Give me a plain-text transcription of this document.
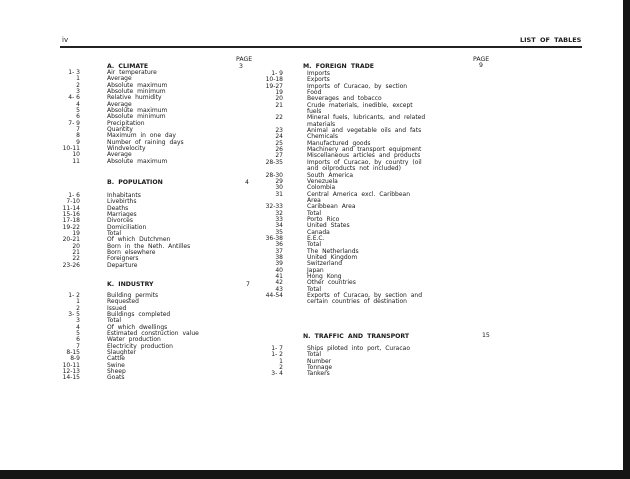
iv	LIST OF TABLES
PAGE	PAGE
A. CLIMATE	3
1- 3	Air temperature
1	Average
2	Absolute maximum
3	Absolute minimum
4- 6	Relative humidity
4	Average
5	Absolute maximum
6	Absolute minimum
7- 9	Precipitation
7	Quantity
8	Maximum in one day
9	Number of raining days
10-11	Windvelocity
10	Average
11	Absolute maximum
B. POPULATION	4
1- 6	Inhabitants
7-10	Livebirths
11-14	Deaths
15-16	Marriages
17-18	Divorces
19-22	Domiciliation
19	Total
20-21	Of which Dutchmen
20	Born in the Neth. Antilles
21	Born elsewhere
22	Foreigners
23-26	Departure
K. INDUSTRY	7
1- 2	Building permits
1	Requested
2	Issued
3- 5	Buildings completed
3	Total
4	Of which dwellings
5	Estimated construction value
6	Water production
7	Electricity production
8-15	Slaughter
8-9	Cattle
10-11	Swine
12-13	Sheep
14-15	Goats
M. FOREIGN TRADE	9
1- 9	Imports
10-18	Exports
19-27	Imports of Curacao, by section
19	Food
20	Beverages and tobacco
21	Crude materials, inedible, except
fuels
22	Mineral fuels, lubricants, and related
materials
23	Animal and vegetable oils and fats
24	Chemicals
25	Manufactured goods
26	Machinery and transport equipment
27	Miscellaneous articles and products
28-35	Imports of Curacao, by country (oil
and oilproducts not included)
28-30	South America
29	Venezuela
30	Colombia
31	Central America excl. Caribbean
Area
32-33	Caribbean Area
32	Total
33	Porto Rico
34	United States
35	Canada
36-38	E.E.C.
36	Total
37	The Netherlands
38	United Kingdom
39	Switzerland
40	Japan
41	Hong Kong
42	Other countries
43	Total
44-54	Exports of Curacao, by section and
certain countries of destination
N. TRAFFIC AND TRANSPORT	15
1- 7	Ships piloted into port, Curacao
1- 2	Total
1	Number
2	Tonnage
3- 4	Tankers
